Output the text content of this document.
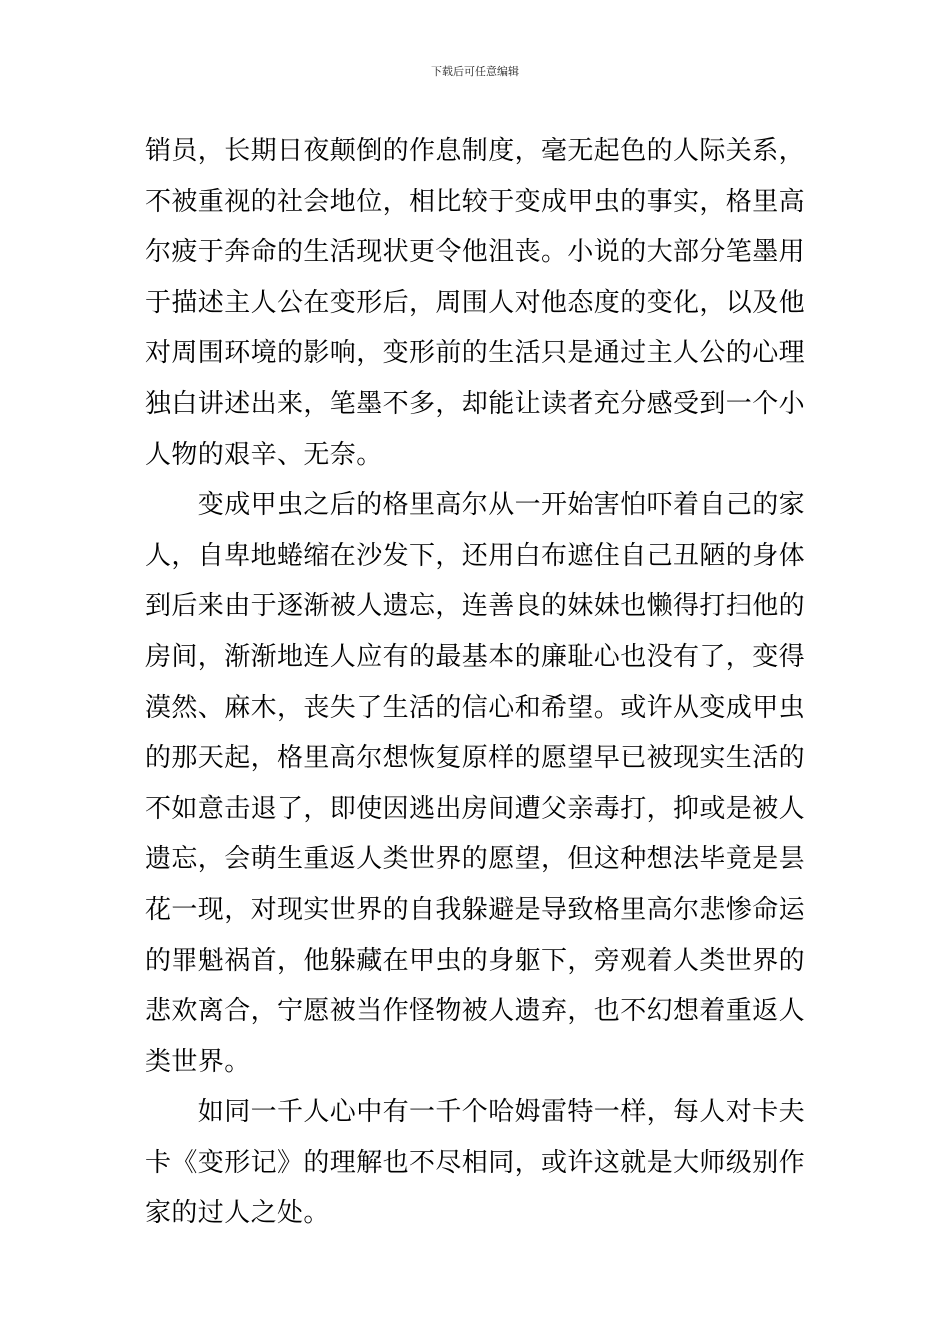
下载后可任意编辑
销员，长期日夜颠倒的作息制度，毫无起色的人际关系，
不被重视的社会地位，相比较于变成甲虫的事实，格里高
尔疲于奔命的生活现状更令他沮丧。小说的大部分笔墨用
于描述主人公在变形后，周围人对他态度的变化，以及他
对周围环境的影响，变形前的生活只是通过主人公的心理
独白讲述出来，笔墨不多，却能让读者充分感受到一个小
人物的艰辛、无奈。
　　变成甲虫之后的格里高尔从一开始害怕吓着自己的家
人，自卑地蜷缩在沙发下，还用白布遮住自己丑陋的身体
到后来由于逐渐被人遗忘，连善良的妹妹也懒得打扫他的
房间，渐渐地连人应有的最基本的廉耻心也没有了，变得
漠然、麻木，丧失了生活的信心和希望。或许从变成甲虫
的那天起，格里高尔想恢复原样的愿望早已被现实生活的
不如意击退了，即使因逃出房间遭父亲毒打，抑或是被人
遗忘，会萌生重返人类世界的愿望，但这种想法毕竟是昙
花一现，对现实世界的自我躲避是导致格里高尔悲惨命运
的罪魁祸首，他躲藏在甲虫的身躯下，旁观着人类世界的
悲欢离合，宁愿被当作怪物被人遗弃，也不幻想着重返人
类世界。
　　如同一千人心中有一千个哈姆雷特一样，每人对卡夫
卡《变形记》的理解也不尽相同，或许这就是大师级别作
家的过人之处。
